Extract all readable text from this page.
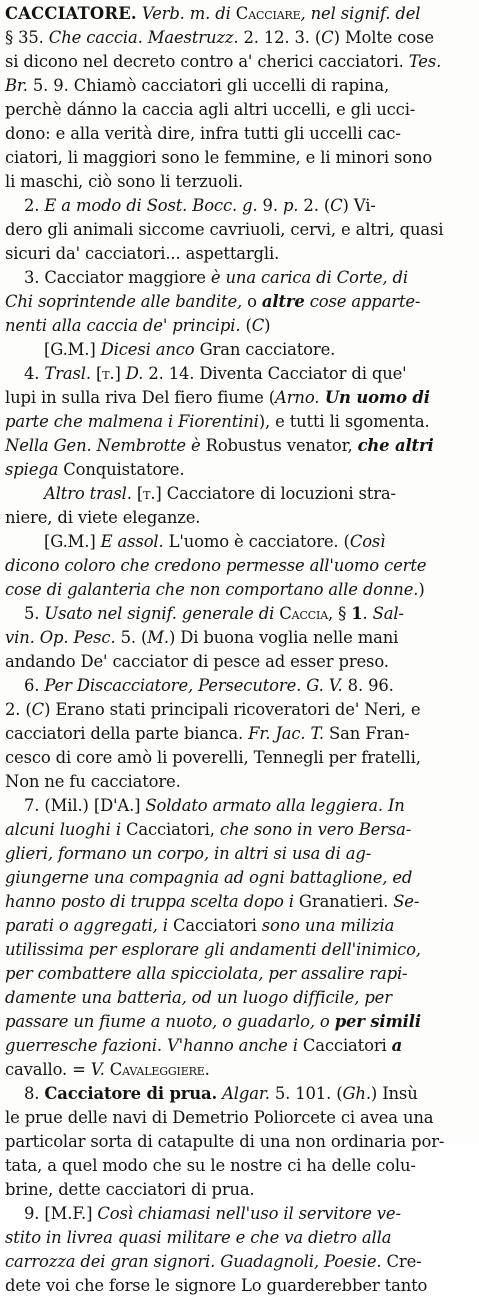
CACCIATORE. Verb. m. di Cacciare, nel signif. del
§ 35. Che caccia. Maestruzz. 2. 12. 3. (C) Molte cose
si dicono nel decreto contro a' cherici cacciatori. Tes.
Br. 5. 9. Chiamò cacciatori gli uccelli di rapina,
perchè dánno la caccia agli altri uccelli, e gli ucci-
dono: e alla verità dire, infra tutti gli uccelli cac-
ciatori, li maggiori sono le femmine, e li minori sono
li maschi, ciò sono li terzuoli.
2. E a modo di Sost. Bocc. g. 9. p. 2. (C) Vi-
dero gli animali siccome cavriuoli, cervi, e altri, quasi
sicuri da' cacciatori... aspettargli.
3. Cacciator maggiore è una carica di Corte, di
Chi soprintende alle bandite, o altre cose appartе-
nenti alla caccia de' principi. (C)
[G.M.] Dicesi anco Gran cacciatore.
4. Trasl. [t.] D. 2. 14. Diventa Cacciator di que'
lupi in sulla riva Del fiero fiume (Arno. Un uomo di
parte che malmena i Fiorentini), e tutti li sgomenta.
Nella Gen. Nembrotte è Robustus venator, che altri
spiega Conquistatore.
Altro trasl. [t.] Cacciatore di locuzioni stra-
niere, di viete eleganze.
[G.M.] E assol. L'uomo è cacciatore. (Così
dicono coloro che credono permesse all'uomo certe
cose di galanteria che non comportano alle donne.)
5. Usato nel signif. generale di Caccia, § 1. Sal-
vin. Op. Pesc. 5. (M.) Di buona voglia nelle mani
andando De' cacciator di pesce ad esser preso.
6. Per Discacciatore, Persecutore. G. V. 8. 96.
2. (C) Erano stati principali ricoveratori de' Neri, e
cacciatori della parte bianca. Fr. Jac. T. San Fran-
cesco di core amò li poverelli, Tennegli per fratelli,
Non ne fu cacciatore.
7. (Mil.) [D'A.] Soldato armato alla leggiera. In
alcuni luoghi i Cacciatori, che sono in vero Bersa-
glieri, formano un corpo, in altri si usa di ag-
giungerne una compagnia ad ogni battaglione, ed
hanno posto di truppa scelta dopo i Granatieri. Se-
parati o aggregati, i Cacciatori sono una milizia
utilissima per esplorare gli andamenti dell'inimico,
per combattere alla spicciolata, per assalire rapi-
damente una batteria, od un luogo difficile, per
passare un fiume a nuoto, o guadarlo, o per simili
guerresche fazioni. V'hanno anche i Cacciatori a
cavallo. = V. Cavaleggiere.
8. Cacciatore di prua. Algar. 5. 101. (Gh.) Insù
le prue delle navi di Demetrio Poliorcete ci avea una
particolar sorta di catapulte di una non ordinaria por-
tata, a quel modo che su le nostre ci ha delle colu-
brine, dette cacciatori di prua.
9. [M.F.] Così chiamasi nell'uso il servitore ve-
stito in livrea quasi militare e che va dietro alla
carrozza dei gran signori. Guadagnoli, Poesie. Cre-
dete voi che forse le signore Lo guarderebber tanto
